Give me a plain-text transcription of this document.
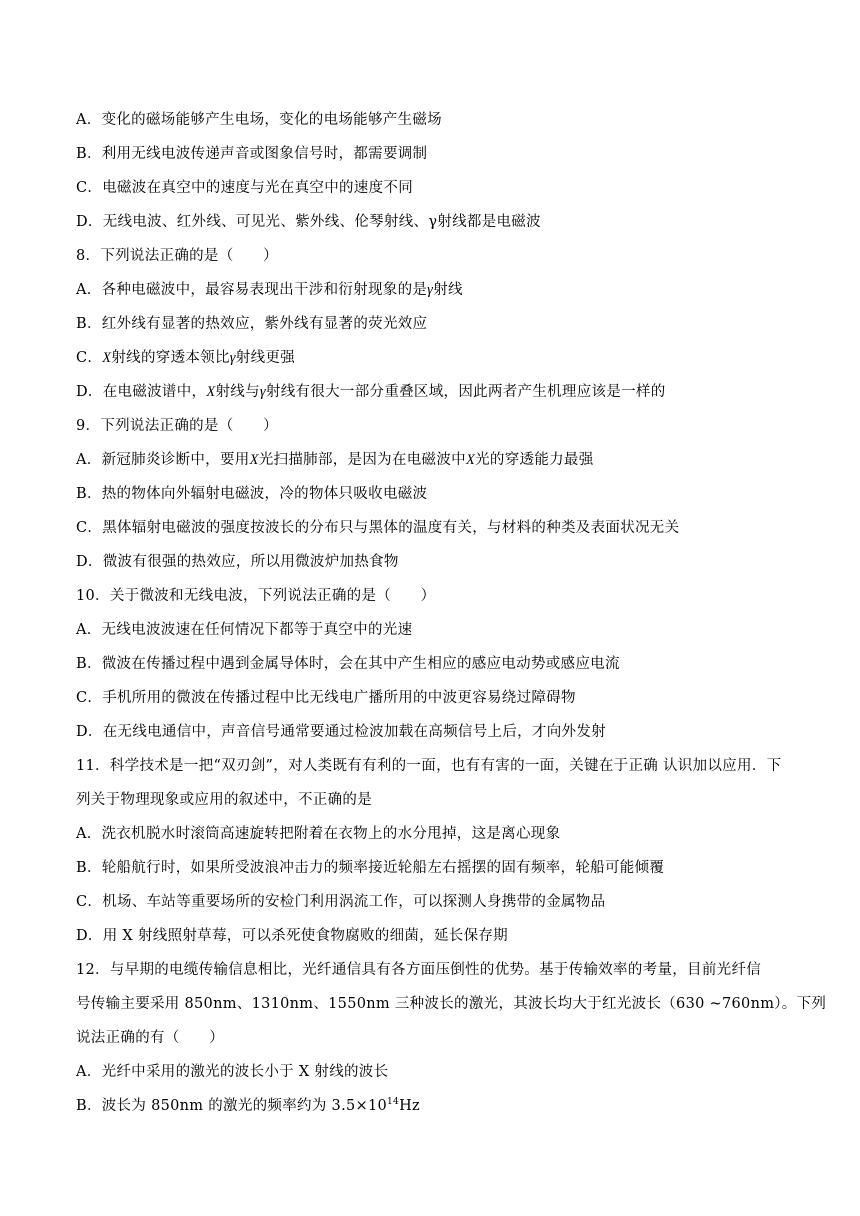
A．变化的磁场能够产生电场，变化的电场能够产生磁场
B．利用无线电波传递声音或图象信号时，都需要调制
C．电磁波在真空中的速度与光在真空中的速度不同
D．无线电波、红外线、可见光、紫外线、伦琴射线、γ射线都是电磁波
8．下列说法正确的是（　　）
A．各种电磁波中，最容易表现出干涉和衍射现象的是γ射线
B．红外线有显著的热效应，紫外线有显著的荧光效应
C．X射线的穿透本领比γ射线更强
D．在电磁波谱中，X射线与γ射线有很大一部分重叠区域，因此两者产生机理应该是一样的
9．下列说法正确的是（　　）
A．新冠肺炎诊断中，要用X光扫描肺部，是因为在电磁波中X光的穿透能力最强
B．热的物体向外辐射电磁波，冷的物体只吸收电磁波
C．黑体辐射电磁波的强度按波长的分布只与黑体的温度有关，与材料的种类及表面状况无关
D．微波有很强的热效应，所以用微波炉加热食物
10．关于微波和无线电波，下列说法正确的是（　　）
A．无线电波波速在任何情况下都等于真空中的光速
B．微波在传播过程中遇到金属导体时，会在其中产生相应的感应电动势或感应电流
C．手机所用的微波在传播过程中比无线电广播所用的中波更容易绕过障碍物
D．在无线电通信中，声音信号通常要通过检波加载在高频信号上后，才向外发射
11．科学技术是一把“双刃剑”，对人类既有有利的一面，也有有害的一面，关键在于正确 认识加以应用．下
列关于物理现象或应用的叙述中，不正确的是
A．洗衣机脱水时滚筒高速旋转把附着在衣物上的水分甩掉，这是离心现象
B．轮船航行时，如果所受波浪冲击力的频率接近轮船左右摇摆的固有频率，轮船可能倾覆
C．机场、车站等重要场所的安检门利用涡流工作，可以探测人身携带的金属物品
D．用 X 射线照射草莓，可以杀死使食物腐败的细菌，延长保存期
12．与早期的电缆传输信息相比，光纤通信具有各方面压倒性的优势。基于传输效率的考量，目前光纤信
号传输主要采用 850nm、1310nm、1550nm 三种波长的激光，其波长均大于红光波长（630 ~760nm）。下列
说法正确的有（　　）
A．光纤中采用的激光的波长小于 X 射线的波长
B．波长为 850nm 的激光的频率约为 $3.5\times 10^{14}Hz$
